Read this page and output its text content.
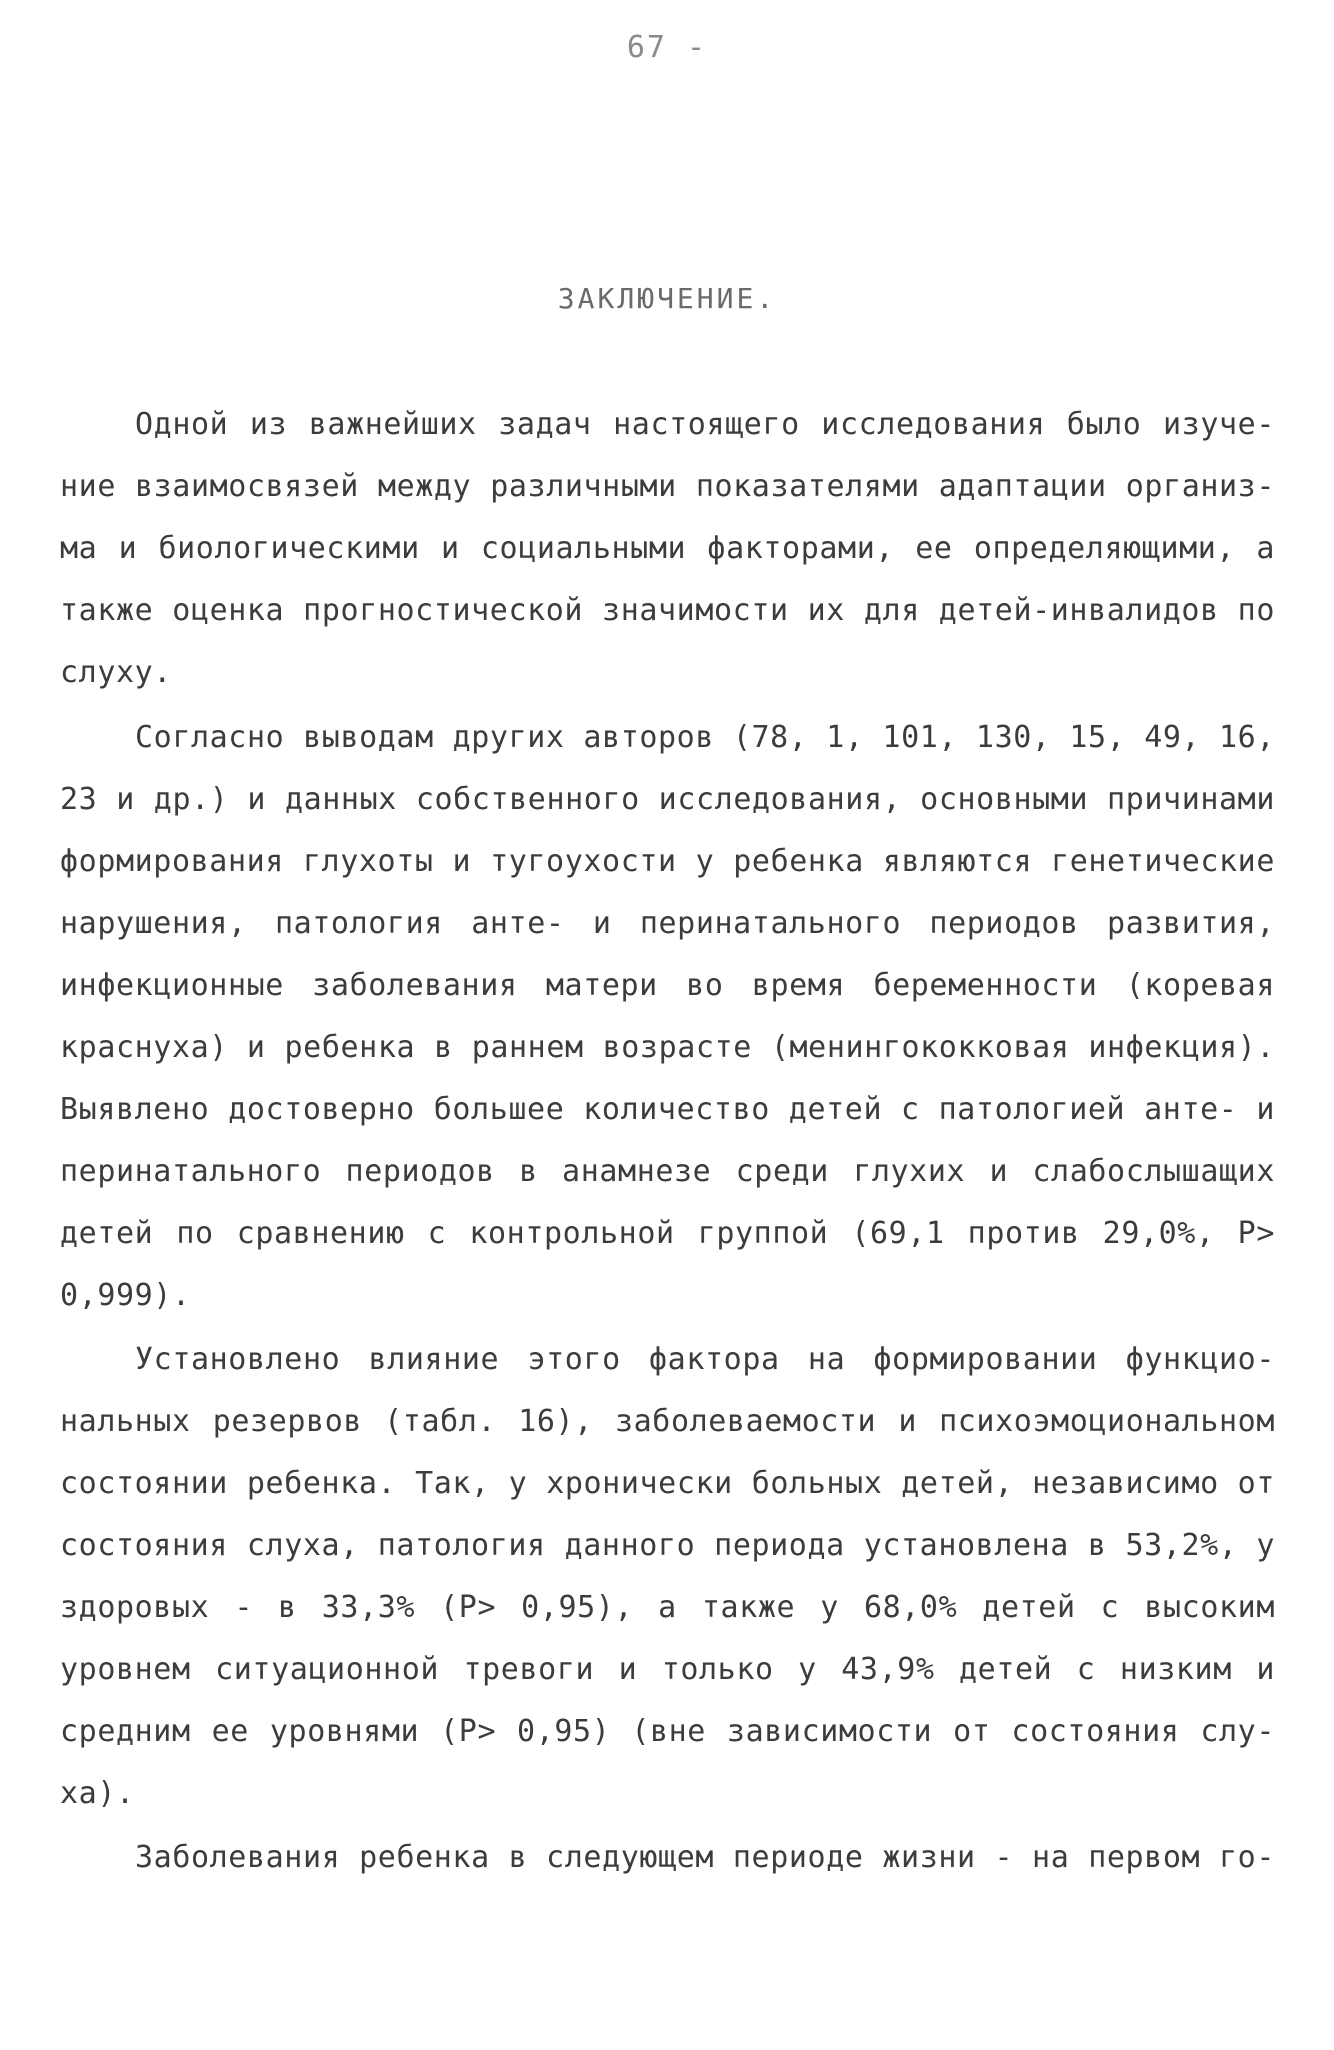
67 -
ЗАКЛЮЧЕНИЕ.
Одной из важнейших задач настоящего исследования было изуче-
ние взаимосвязей между различными показателями адаптации организ-
ма и биологическими и социальными факторами, ее определяющими, а
также оценка прогностической значимости их для детей-инвалидов по
слуху.
Согласно выводам других авторов (78, 1, 101, 130, 15, 49, 16,
23 и др.) и данных собственного исследования, основными причинами
формирования глухоты и тугоухости у ребенка являются генетические
нарушения, патология анте- и перинатального периодов развития,
инфекционные заболевания матери во время беременности (коревая
краснуха) и ребенка в раннем возрасте (менингококковая инфекция).
Выявлено достоверно большее количество детей с патологией анте- и
перинатального периодов в анамнезе среди глухих и слабослышащих
детей по сравнению с контрольной группой (69,1 против 29,0%, P>
0,999).
Установлено влияние этого фактора на формировании функцио-
нальных резервов (табл. 16), заболеваемости и психоэмоциональном
состоянии ребенка. Так, у хронически больных детей, независимо от
состояния слуха, патология данного периода установлена в 53,2%, у
здоровых - в 33,3% (P> 0,95), а также у 68,0% детей с высоким
уровнем ситуационной тревоги и только у 43,9% детей с низким и
средним ее уровнями (P> 0,95) (вне зависимости от состояния слу-
ха).
Заболевания ребенка в следующем периоде жизни - на первом го-
